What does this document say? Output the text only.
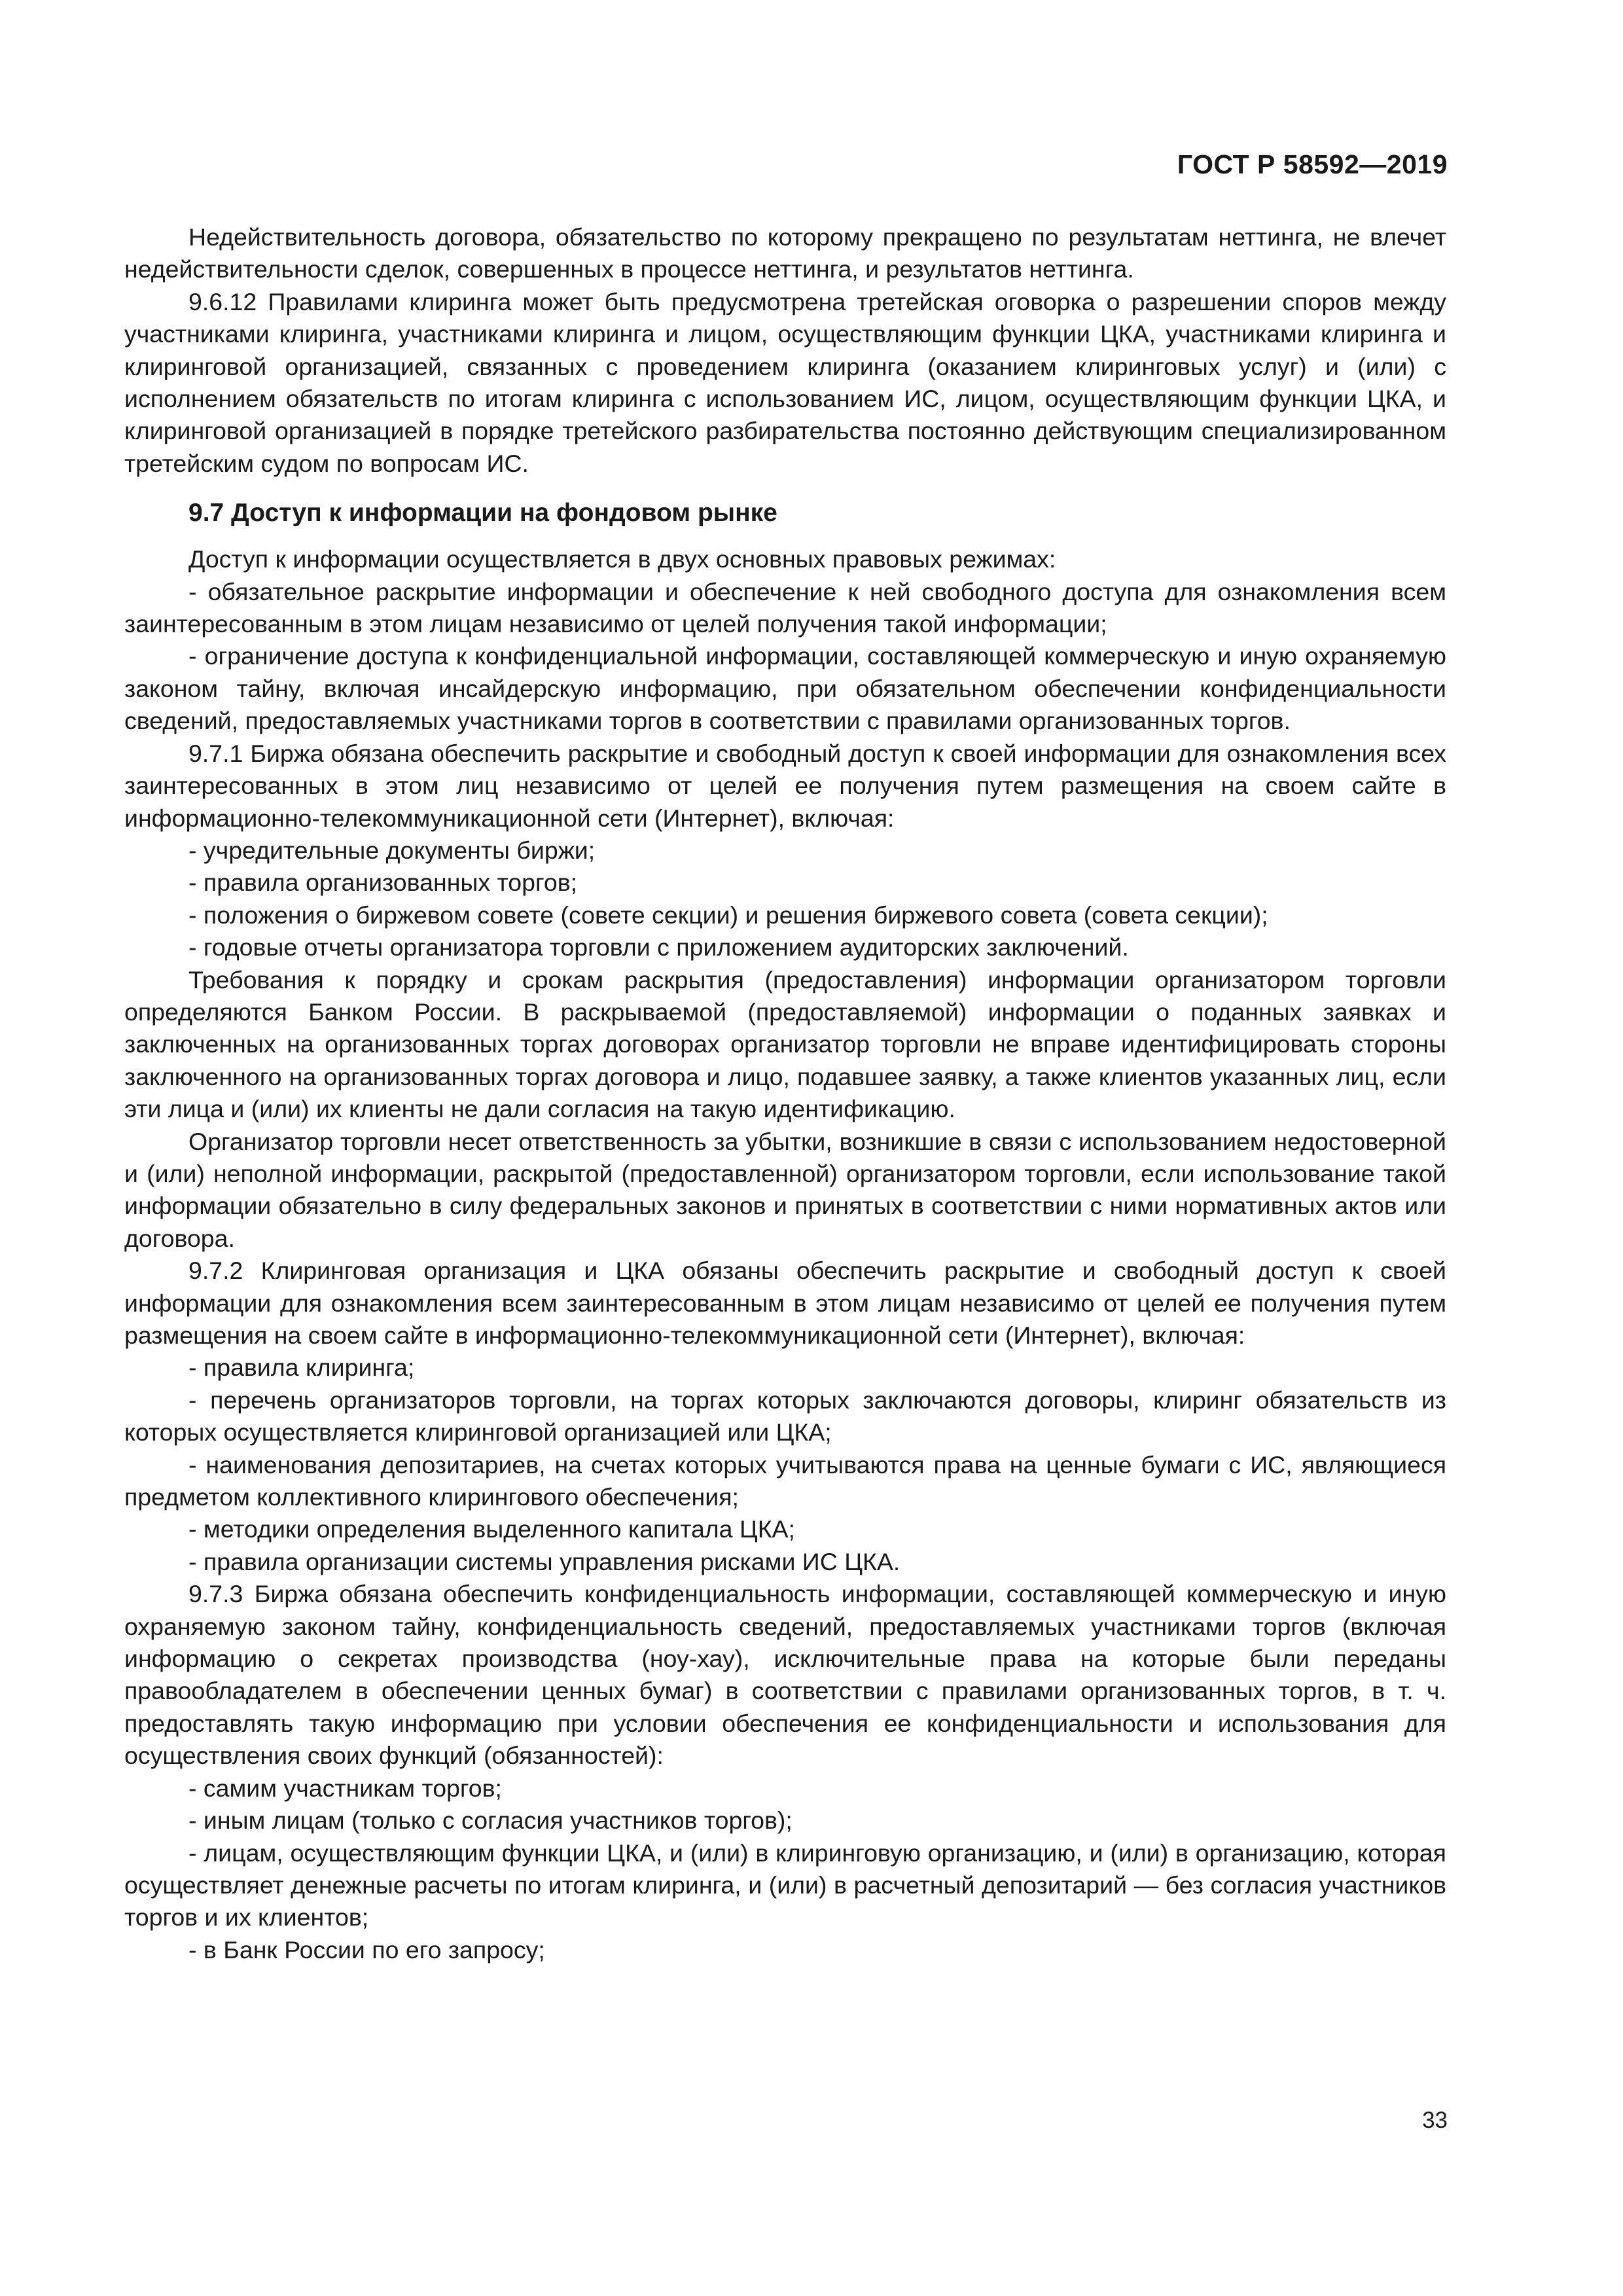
ГОСТ Р 58592—2019

Недействительность договора, обязательство по которому прекращено по результатам неттинга, не влечет недействительности сделок, совершенных в процессе неттинга, и результатов неттинга.

9.6.12 Правилами клиринга может быть предусмотрена третейская оговорка о разрешении споров между участниками клиринга, участниками клиринга и лицом, осуществляющим функции ЦКА, участниками клиринга и клиринговой организацией, связанных с проведением клиринга (оказанием клиринговых услуг) и (или) с исполнением обязательств по итогам клиринга с использованием ИС, лицом, осуществляющим функции ЦКА, и клиринговой организацией в порядке третейского разбирательства постоянно действующим специализированном третейским судом по вопросам ИС.

9.7 Доступ к информации на фондовом рынке

Доступ к информации осуществляется в двух основных правовых режимах:

- обязательное раскрытие информации и обеспечение к ней свободного доступа для ознакомления всем заинтересованным в этом лицам независимо от целей получения такой информации;

- ограничение доступа к конфиденциальной информации, составляющей коммерческую и иную охраняемую законом тайну, включая инсайдерскую информацию, при обязательном обеспечении конфиденциальности сведений, предоставляемых участниками торгов в соответствии с правилами организованных торгов.

9.7.1 Биржа обязана обеспечить раскрытие и свободный доступ к своей информации для ознакомления всех заинтересованных в этом лиц независимо от целей ее получения путем размещения на своем сайте в информационно-телекоммуникационной сети (Интернет), включая:

- учредительные документы биржи;

- правила организованных торгов;

- положения о биржевом совете (совете секции) и решения биржевого совета (совета секции);

- годовые отчеты организатора торговли с приложением аудиторских заключений.

Требования к порядку и срокам раскрытия (предоставления) информации организатором торговли определяются Банком России. В раскрываемой (предоставляемой) информации о поданных заявках и заключенных на организованных торгах договорах организатор торговли не вправе идентифицировать стороны заключенного на организованных торгах договора и лицо, подавшее заявку, а также клиентов указанных лиц, если эти лица и (или) их клиенты не дали согласия на такую идентификацию.

Организатор торговли несет ответственность за убытки, возникшие в связи с использованием недостоверной и (или) неполной информации, раскрытой (предоставленной) организатором торговли, если использование такой информации обязательно в силу федеральных законов и принятых в соответствии с ними нормативных актов или договора.

9.7.2 Клиринговая организация и ЦКА обязаны обеспечить раскрытие и свободный доступ к своей информации для ознакомления всем заинтересованным в этом лицам независимо от целей ее получения путем размещения на своем сайте в информационно-телекоммуникационной сети (Интернет), включая:

- правила клиринга;

- перечень организаторов торговли, на торгах которых заключаются договоры, клиринг обязательств из которых осуществляется клиринговой организацией или ЦКА;

- наименования депозитариев, на счетах которых учитываются права на ценные бумаги с ИС, являющиеся предметом коллективного клирингового обеспечения;

- методики определения выделенного капитала ЦКА;

- правила организации системы управления рисками ИС ЦКА.

9.7.3 Биржа обязана обеспечить конфиденциальность информации, составляющей коммерческую и иную охраняемую законом тайну, конфиденциальность сведений, предоставляемых участниками торгов (включая информацию о секретах производства (ноу-хау), исключительные права на которые были переданы правообладателем в обеспечении ценных бумаг) в соответствии с правилами организованных торгов, в т. ч. предоставлять такую информацию при условии обеспечения ее конфиденциальности и использования для осуществления своих функций (обязанностей):

- самим участникам торгов;

- иным лицам (только с согласия участников торгов);

- лицам, осуществляющим функции ЦКА, и (или) в клиринговую организацию, и (или) в организацию, которая осуществляет денежные расчеты по итогам клиринга, и (или) в расчетный депозитарий — без согласия участников торгов и их клиентов;

- в Банк России по его запросу;

33
